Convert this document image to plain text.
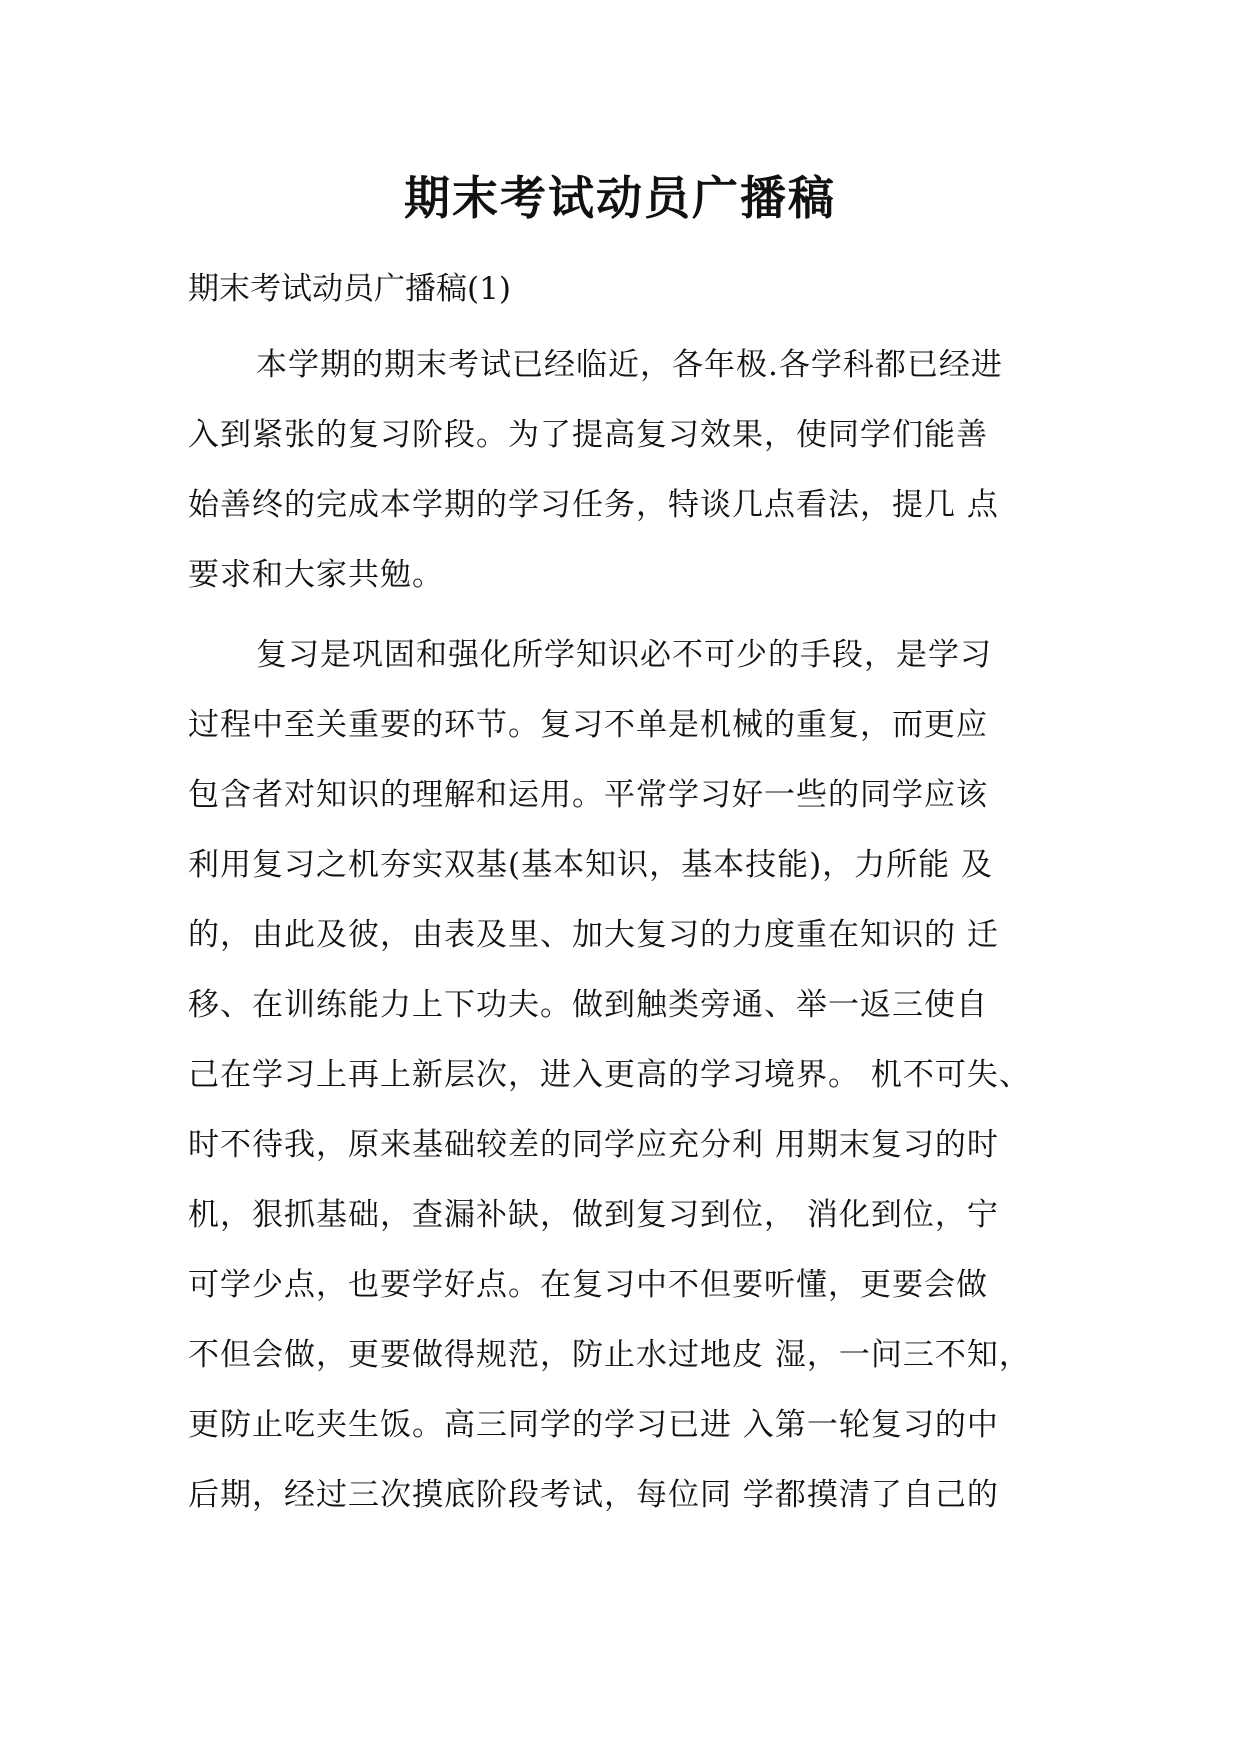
期末考试动员广播稿

期末考试动员广播稿(1)

本学期的期末考试已经临近，各年极.各学科都已经进

入到紧张的复习阶段。为了提高复习效果，使同学们能善

始善终的完成本学期的学习任务，特谈几点看法，提几 点

要求和大家共勉。

复习是巩固和强化所学知识必不可少的手段，是学习

过程中至关重要的环节。复习不单是机械的重复，而更应

包含者对知识的理解和运用。平常学习好一些的同学应该

利用复习之机夯实双基(基本知识，基本技能)，力所能 及

的，由此及彼，由表及里、加大复习的力度重在知识的 迁

移、在训练能力上下功夫。做到触类旁通、举一返三使自

己在学习上再上新层次，进入更高的学习境界。 机不可失、

时不待我，原来基础较差的同学应充分利 用期末复习的时

机，狠抓基础，查漏补缺，做到复习到位， 消化到位，宁

可学少点，也要学好点。在复习中不但要听懂，更要会做

不但会做，更要做得规范，防止水过地皮 湿，一问三不知，

更防止吃夹生饭。高三同学的学习已进 入第一轮复习的中

后期，经过三次摸底阶段考试，每位同 学都摸清了自己的
